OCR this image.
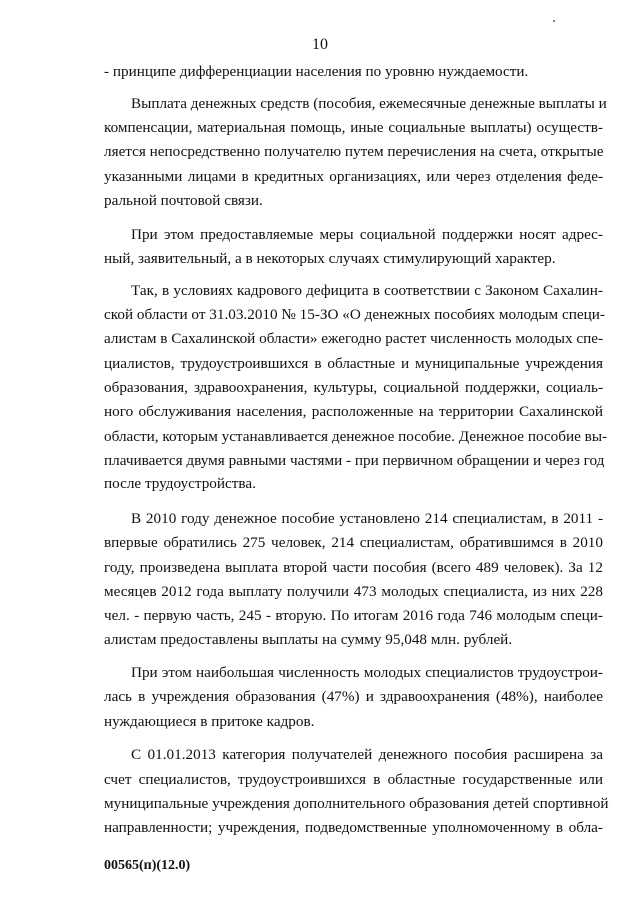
10
- принципе дифференциации населения по уровню нуждаемости.
Выплата денежных средств (пособия, ежемесячные денежные выплаты и
компенсации, материальная помощь, иные социальные выплаты) осуществ-
ляется непосредственно получателю путем перечисления на счета, открытые
указанными лицами в кредитных организациях, или через отделения феде-
ральной почтовой связи.
При этом предоставляемые меры социальной поддержки носят адрес-
ный, заявительный, а в некоторых случаях стимулирующий характер.
Так, в условиях кадрового дефицита в соответствии с Законом Сахалин-
ской области от 31.03.2010 № 15-ЗО «О денежных пособиях молодым специ-
алистам в Сахалинской области» ежегодно растет численность молодых спе-
циалистов, трудоустроившихся в областные и муниципальные учреждения
образования, здравоохранения, культуры, социальной поддержки, социаль-
ного обслуживания населения, расположенные на территории Сахалинской
области, которым устанавливается денежное пособие. Денежное пособие вы-
плачивается двумя равными частями - при первичном обращении и через год
после трудоустройства.
В 2010 году денежное пособие установлено 214 специалистам, в 2011 -
впервые обратились 275 человек, 214 специалистам, обратившимся в 2010
году, произведена выплата второй части пособия (всего 489 человек). За 12
месяцев 2012 года выплату получили 473 молодых специалиста, из них 228
чел. - первую часть, 245 - вторую. По итогам 2016 года 746 молодым специ-
алистам предоставлены выплаты на сумму 95,048 млн. рублей.
При этом наибольшая численность молодых специалистов трудоустрои-
лась в учреждения образования (47%) и здравоохранения (48%), наиболее
нуждающиеся в притоке кадров.
С 01.01.2013 категория получателей денежного пособия расширена за
счет специалистов, трудоустроившихся в областные государственные или
муниципальные учреждения дополнительного образования детей спортивной
направленности; учреждения, подведомственные уполномоченному в обла-
00565(п)(12.0)
